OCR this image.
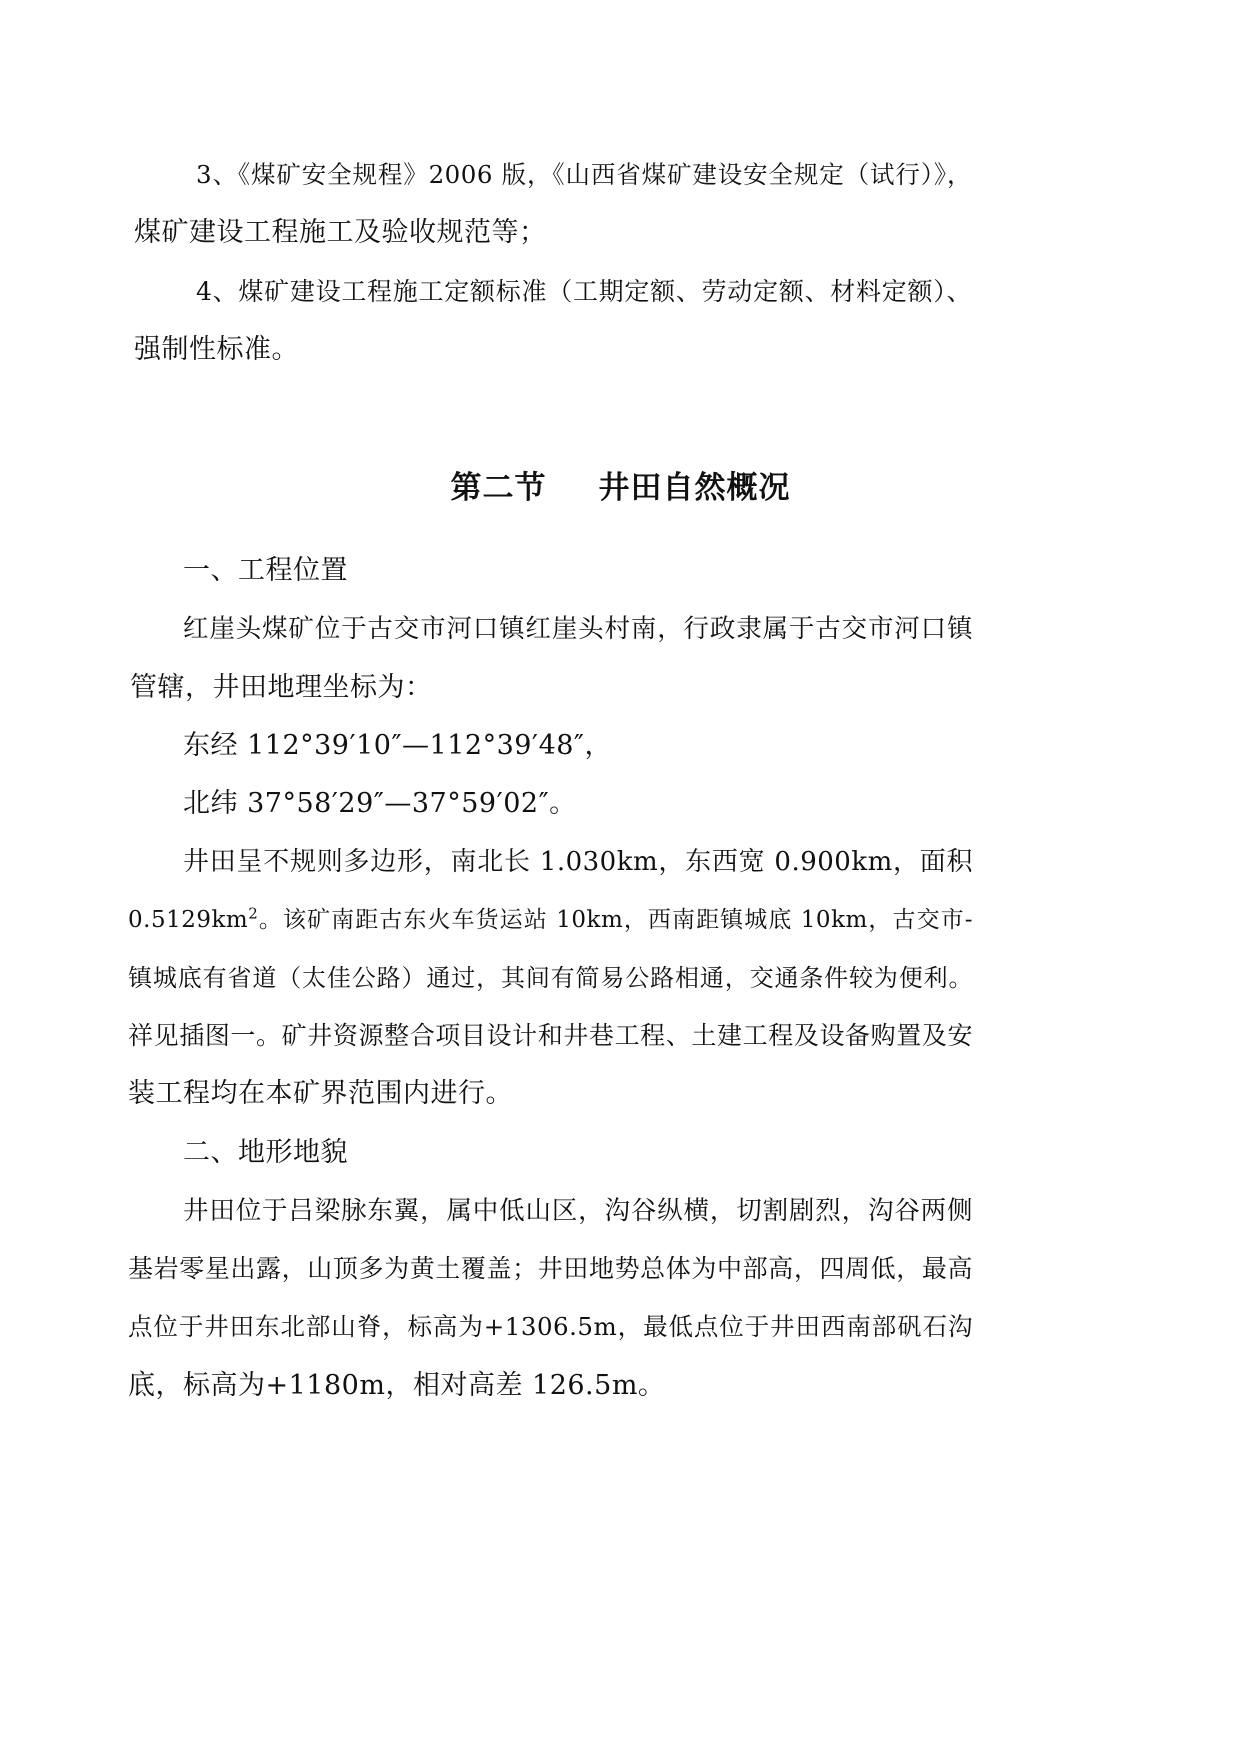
3、《煤矿安全规程》2006 版，《山西省煤矿建设安全规定（试行）》，
煤矿建设工程施工及验收规范等；
4、煤矿建设工程施工定额标准（工期定额、劳动定额、材料定额）、
强制性标准。
第二节 井田自然概况
一、工程位置
红崖头煤矿位于古交市河口镇红崖头村南，行政隶属于古交市河口镇
管辖，井田地理坐标为：
东经 112°39′10″—112°39′48″，
北纬 37°58′29″—37°59′02″。
井田呈不规则多边形，南北长 1.030km，东西宽 0.900km，面积
$0.5129km^2$。该矿南距古东火车货运站 10km，西南距镇城底 10km，古交市-
镇城底有省道（太佳公路）通过，其间有简易公路相通，交通条件较为便利。
祥见插图一。矿井资源整合项目设计和井巷工程、土建工程及设备购置及安
装工程均在本矿界范围内进行。
二、地形地貌
井田位于吕梁脉东翼，属中低山区，沟谷纵横，切割剧烈，沟谷两侧
基岩零星出露，山顶多为黄土覆盖；井田地势总体为中部高，四周低，最高
点位于井田东北部山脊，标高为+1306.5m，最低点位于井田西南部矾石沟
底，标高为+1180m，相对高差 126.5m。
